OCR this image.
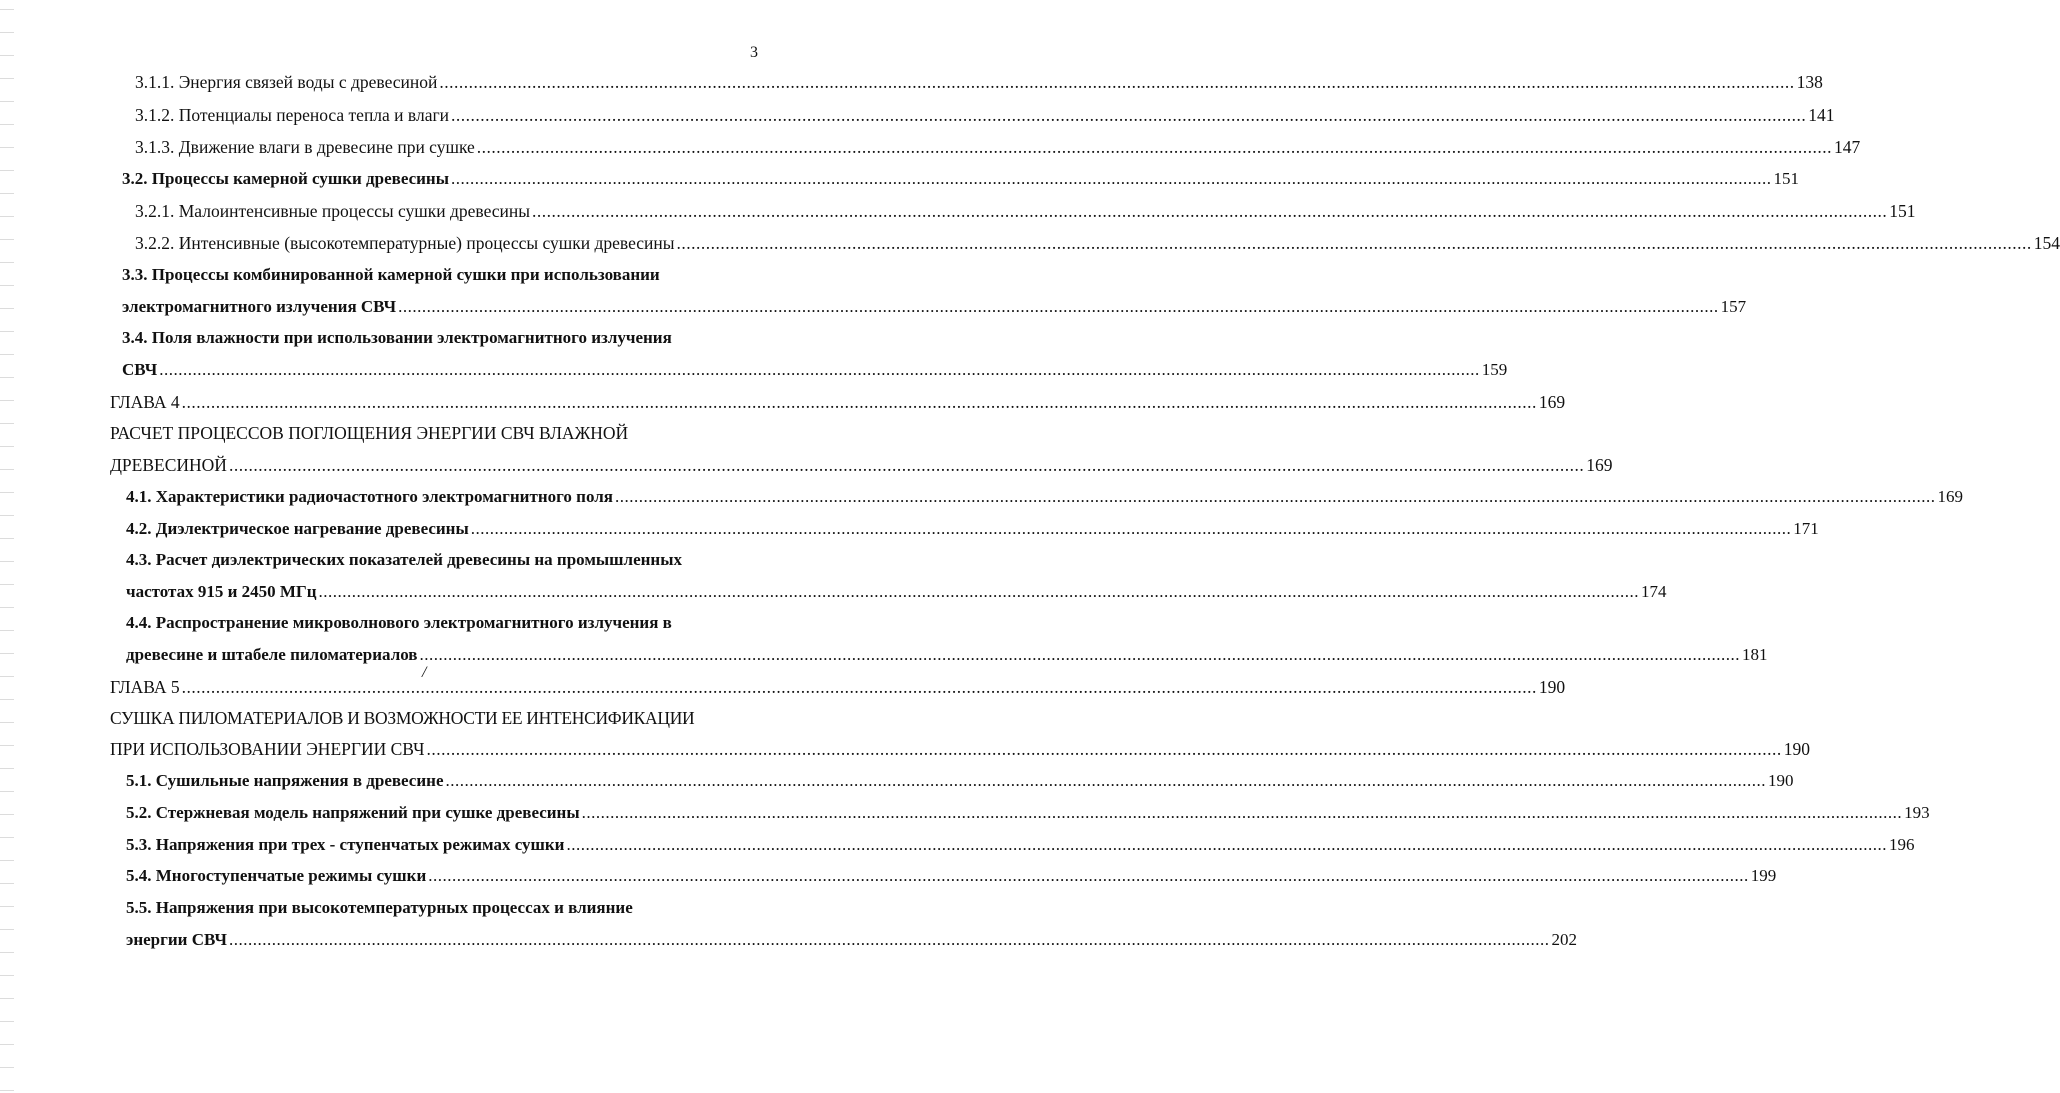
3
/
3.1.1. Энергия связей воды с древесиной ...................................................................................................................................................................................................................................................................................... 138
3.1.2. Потенциалы переноса тепла и влаги ...................................................................................................................................................................................................................................................................................... 141
3.1.3. Движение влаги в древесине при сушке ...................................................................................................................................................................................................................................................................................... 147
3.2. Процессы камерной сушки древесины ...................................................................................................................................................................................................................................................................................... 151
3.2.1. Малоинтенсивные процессы сушки древесины ...................................................................................................................................................................................................................................................................................... 151
3.2.2. Интенсивные (высокотемпературные) процессы сушки древесины ...................................................................................................................................................................................................................................................................................... 154
3.3. Процессы комбинированной камерной сушки при использовании
электромагнитного излучения СВЧ ...................................................................................................................................................................................................................................................................................... 157
3.4. Поля влажности при использовании электромагнитного излучения
СВЧ ...................................................................................................................................................................................................................................................................................... 159
ГЛАВА 4 ...................................................................................................................................................................................................................................................................................... 169
РАСЧЕТ ПРОЦЕССОВ ПОГЛОЩЕНИЯ ЭНЕРГИИ СВЧ ВЛАЖНОЙ
ДРЕВЕСИНОЙ ...................................................................................................................................................................................................................................................................................... 169
4.1. Характеристики радиочастотного электромагнитного поля ...................................................................................................................................................................................................................................................................................... 169
4.2. Диэлектрическое нагревание древесины ...................................................................................................................................................................................................................................................................................... 171
4.3. Расчет диэлектрических показателей древесины на промышленных
частотах 915 и 2450 МГц ...................................................................................................................................................................................................................................................................................... 174
4.4. Распространение микроволнового электромагнитного излучения в
древесине и штабеле пиломатериалов ...................................................................................................................................................................................................................................................................................... 181
ГЛАВА 5 ...................................................................................................................................................................................................................................................................................... 190
СУШКА ПИЛОМАТЕРИАЛОВ И ВОЗМОЖНОСТИ ЕЕ ИНТЕНСИФИКАЦИИ
ПРИ ИСПОЛЬЗОВАНИИ ЭНЕРГИИ СВЧ ...................................................................................................................................................................................................................................................................................... 190
5.1. Сушильные напряжения в древесине ...................................................................................................................................................................................................................................................................................... 190
5.2. Стержневая модель напряжений при сушке древесины ...................................................................................................................................................................................................................................................................................... 193
5.3. Напряжения при трех - ступенчатых режимах сушки ...................................................................................................................................................................................................................................................................................... 196
5.4. Многоступенчатые режимы сушки ...................................................................................................................................................................................................................................................................................... 199
5.5. Напряжения при высокотемпературных процессах и влияние
энергии СВЧ ...................................................................................................................................................................................................................................................................................... 202
